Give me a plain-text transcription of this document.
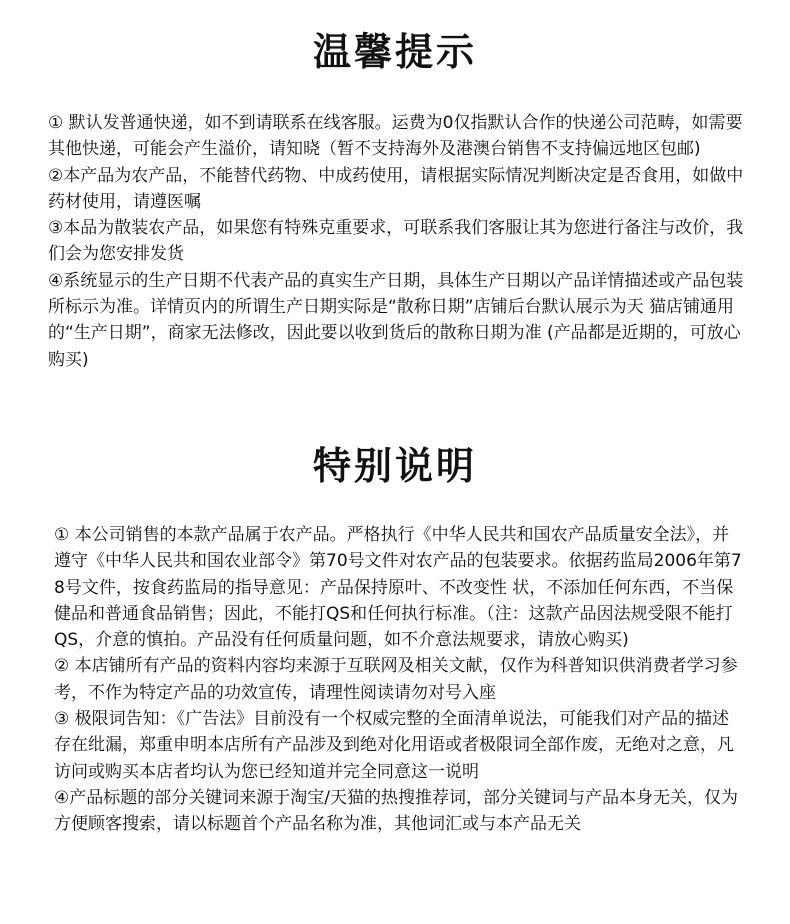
温馨提示

① 默认发普通快递，如不到请联系在线客服。运费为0仅指默认合作的快递公司范畴，如需要其他快递，可能会产生溢价，请知晓（暂不支持海外及港澳台销售不支持偏远地区包邮)

②本产品为农产品，不能替代药物、中成药使用，请根据实际情况判断决定是否食用，如做中药材使用，请遵医嘱

③本品为散装农产品，如果您有特殊克重要求，可联系我们客服让其为您进行备注与改价，我们会为您安排发货

④系统显示的生产日期不代表产品的真实生产日期，具体生产日期以产品详情描述或产品包装所标示为准。详情页内的所谓生产日期实际是“散称日期”店铺后台默认展示为天 猫店铺通用的“生产日期”，商家无法修改，因此要以收到货后的散称日期为准 (产品都是近期的，可放心购买)

特别说明

① 本公司销售的本款产品属于农产品。严格执行《中华人民共和国农产品质量安全法》，并遵守《中华人民共和国农业部令》第70号文件对农产品的包装要求。依据药监局2006年第78号文件，按食药监局的指导意见：产品保持原叶、不改变性 状，不添加任何东西，不当保健品和普通食品销售；因此，不能打QS和任何执行标准。（注：这款产品因法规受限不能打QS，介意的慎拍。产品没有任何质量问题，如不介意法规要求，请放心购买)

② 本店铺所有产品的资料内容均来源于互联网及相关文献，仅作为科普知识供消费者学习参考，不作为特定产品的功效宣传，请理性阅读请勿对号入座

③ 极限词告知：《广告法》目前没有一个权威完整的全面清单说法，可能我们对产品的描述存在纰漏，郑重申明本店所有产品涉及到绝对化用语或者极限词全部作废，无绝对之意，凡访问或购买本店者均认为您已经知道并完全同意这一说明

④产品标题的部分关键词来源于淘宝/天猫的热搜推荐词，部分关键词与产品本身无关，仅为方便顾客搜索，请以标题首个产品名称为准，其他词汇或与本产品无关
